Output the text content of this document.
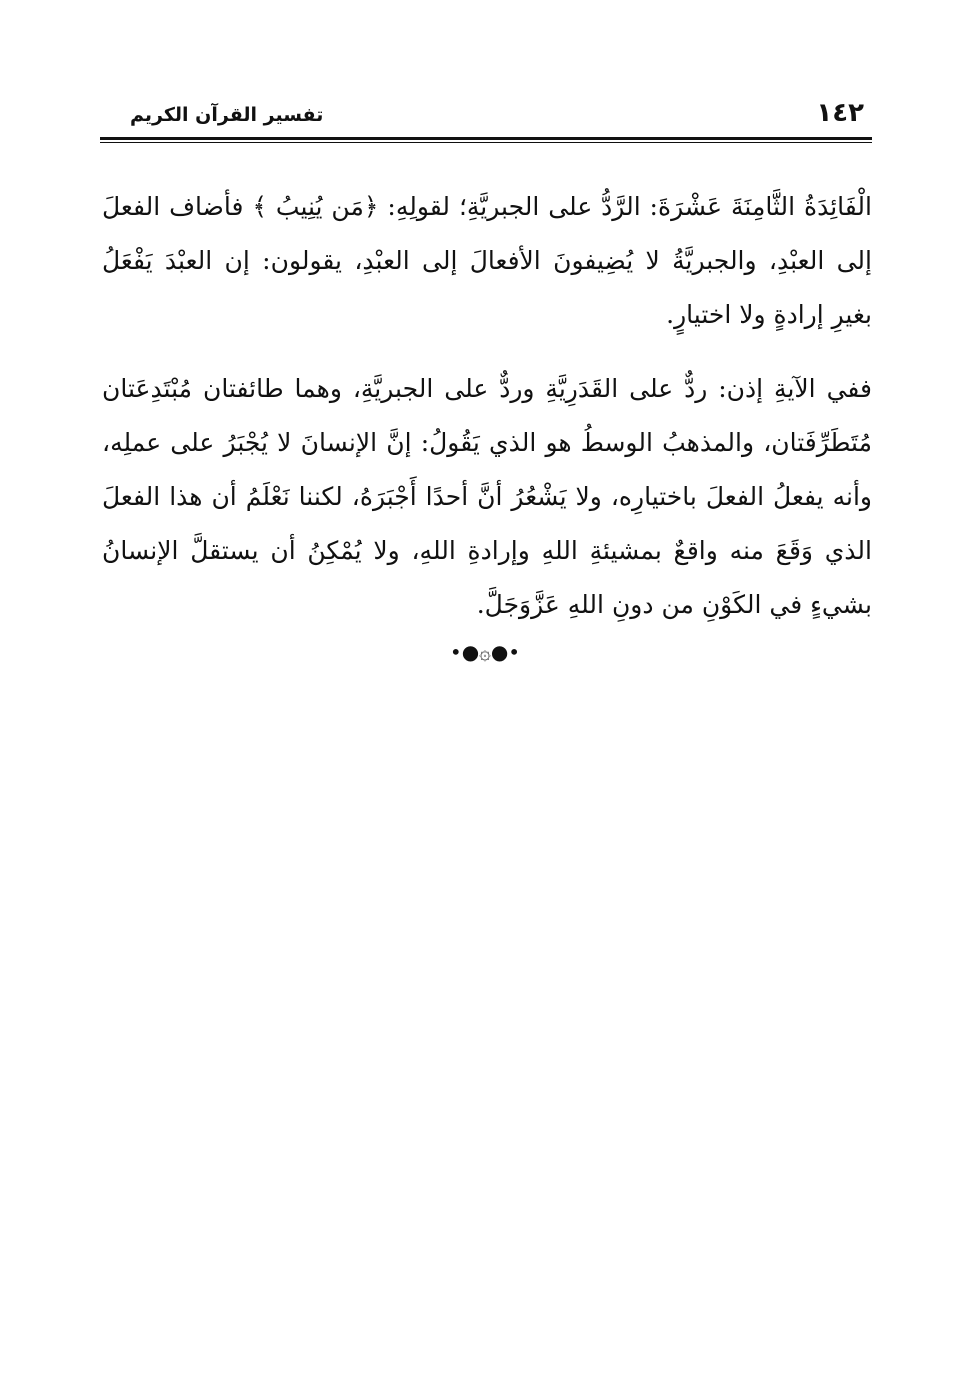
تفسير القرآن الكريم	١٤٢

الْفَائِدَةُ الثَّامِنَةَ عَشْرَةَ: الرَّدُّ على الجبريَّةِ؛ لقولِهِ: ﴿مَن يُنِيبُ ﴾ فأضاف الفعلَ إلى العبْدِ، والجبريَّةُ لا يُضِيفونَ الأفعالَ إلى العبْدِ، يقولون: إن العبْدَ يَفْعَلُ بغيرِ إرادةٍ ولا اختيارٍ.

ففي الآيةِ إذن: ردٌّ على القَدَرِيَّةِ وردٌّ على الجبريَّةِ، وهما طائفتان مُبْتَدِعَتان مُتَطَرِّفَتان، والمذهبُ الوسطُ هو الذي يَقُولُ: إنَّ الإنسانَ لا يُجْبَرُ على عملِه، وأنه يفعلُ الفعلَ باختيارِه، ولا يَشْعُرُ أنَّ أحدًا أَجْبَرَهُ، لكننا نَعْلَمُ أن هذا الفعلَ الذي وَقَعَ منه واقعٌ بمشيئةِ اللهِ وإرادةِ اللهِ، ولا يُمْكِنُ أن يستقلَّ الإنسانُ بشيءٍ في الكَوْنِ من دونِ اللهِ عَزَّوَجَلَّ.

•●۞●•
